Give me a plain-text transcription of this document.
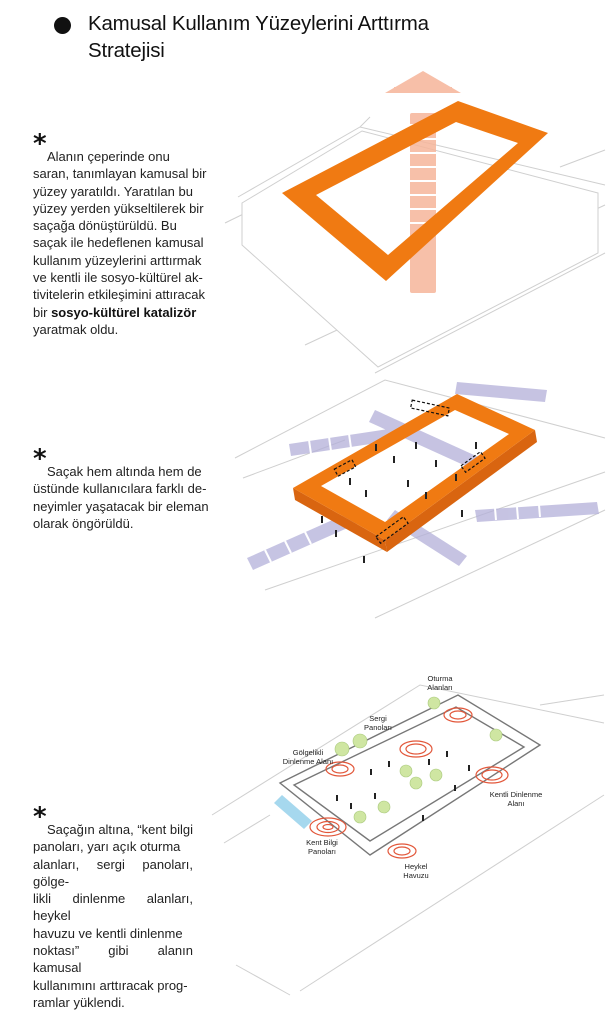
Kamusal Kullanım Yüzeylerini Arttırma
Stratejisi
* Alanın çeperinde onu
saran, tanımlayan kamusal bir
yüzey yaratıldı. Yaratılan bu
yüzey yerden yükseltilerek bir
saçağa dönüştürüldü. Bu
saçak ile hedeflenen kamusal
kullanım yüzeylerini arttırmak
ve kentli ile sosyo-kültürel ak-
tivitelerin etkileşimini attıracak
bir sosyo-kültürel katalizör
yaratmak oldu.
* Saçak hem altında hem de
üstünde kullanıcılara farklı de-
neyimler yaşatacak bir eleman
olarak öngörüldü.
* Saçağın altına, “kent bilgi
panoları, yarı açık oturma
alanları, sergi panoları, gölge-
likli dinlenme alanları, heykel
havuzu ve kentli dinlenme
noktası” gibi alanın kamusal
kullanımını arttıracak prog-
ramlar yüklendi.
Oturma
Alanları
Sergi
Panoları
Gölgelikli
Dinlenme Alanı
Kentli Dinlenme
Alanı
Kent Bilgi
Panoları
Heykel
Havuzu
